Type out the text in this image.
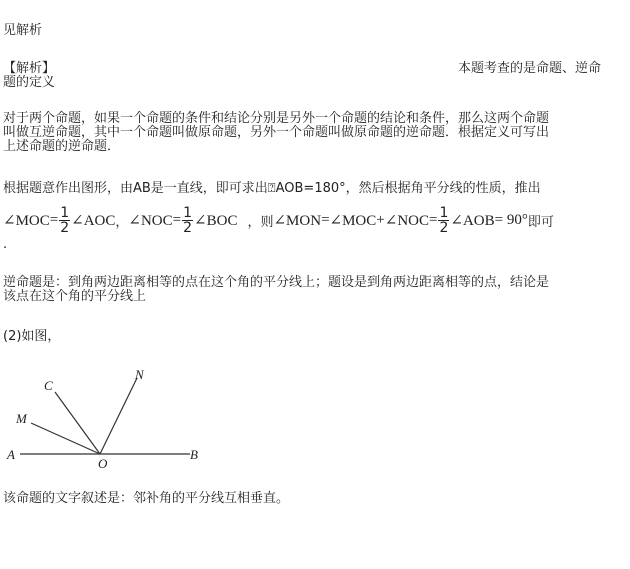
见解析
【解析】	本题考查的是命题、逆命
题的定义
对于两个命题，如果一个命题的条件和结论分别是另外一个命题的结论和条件，那么这两个命题
叫做互逆命题，其中一个命题叫做原命题，另外一个命题叫做原命题的逆命题．根据定义可写出
上述命题的逆命题．
根据题意作出图形，由AB是一直线，即可求出⍰AOB=180°，然后根据角平分线的性质，推出
∠MOC = $\frac{1}{2}$ ∠AOC ， ∠NOC = $\frac{1}{2}$ ∠BOC ，则 ∠MON = ∠MOC + ∠NOC = $\frac{1}{2}$ ∠AOB = 90° 即可
.
逆命题是：到角两边距离相等的点在这个角的平分线上；题设是到角两边距离相等的点，结论是
该点在这个角的平分线上
(2)如图，
A	B
O
C
M
N
该命题的文字叙述是：邻补角的平分线互相垂直。
